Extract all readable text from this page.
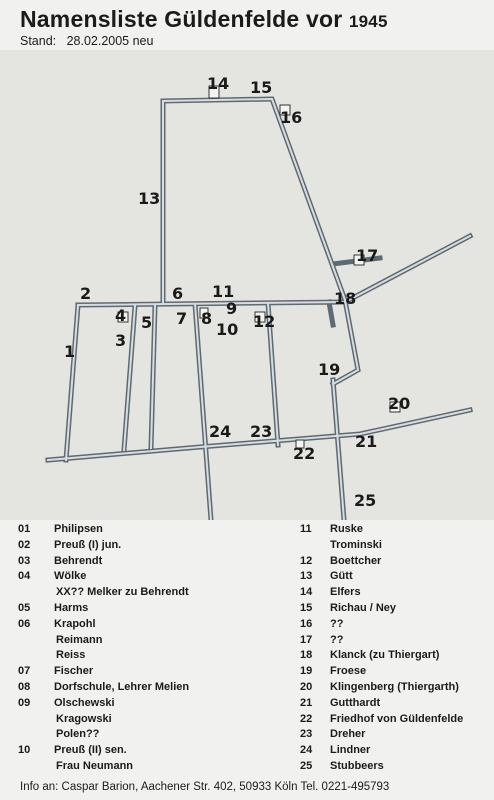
Namensliste Güldenfelde vor 1945
Stand: 28.02.2005 neu
14 15
16
13
17
2	6 11
9
18
4 5 7 8
10 12
3
1
19
20
24 23
21
22
25
01	Philipsen
02	Preuß (I) jun.
03	Behrendt
04	Wölke
XX?? Melker zu Behrendt
05	Harms
06	Krapohl
Reimann
Reiss
07	Fischer
08	Dorfschule, Lehrer Melien
09	Olschewski
Kragowski
Polen??
10	Preuß (II) sen.
Frau Neumann
11	Ruske
Trominski
12	Boettcher
13	Gütt
14	Elfers
15	Richau / Ney
16	??
17	??
18	Klanck (zu Thiergart)
19	Froese
20	Klingenberg (Thiergarth)
21	Gutthardt
22	Friedhof von Güldenfelde
23	Dreher
24	Lindner
25	Stubbeers
Info an: Caspar Barion, Aachener Str. 402, 50933 Köln Tel. 0221-495793
